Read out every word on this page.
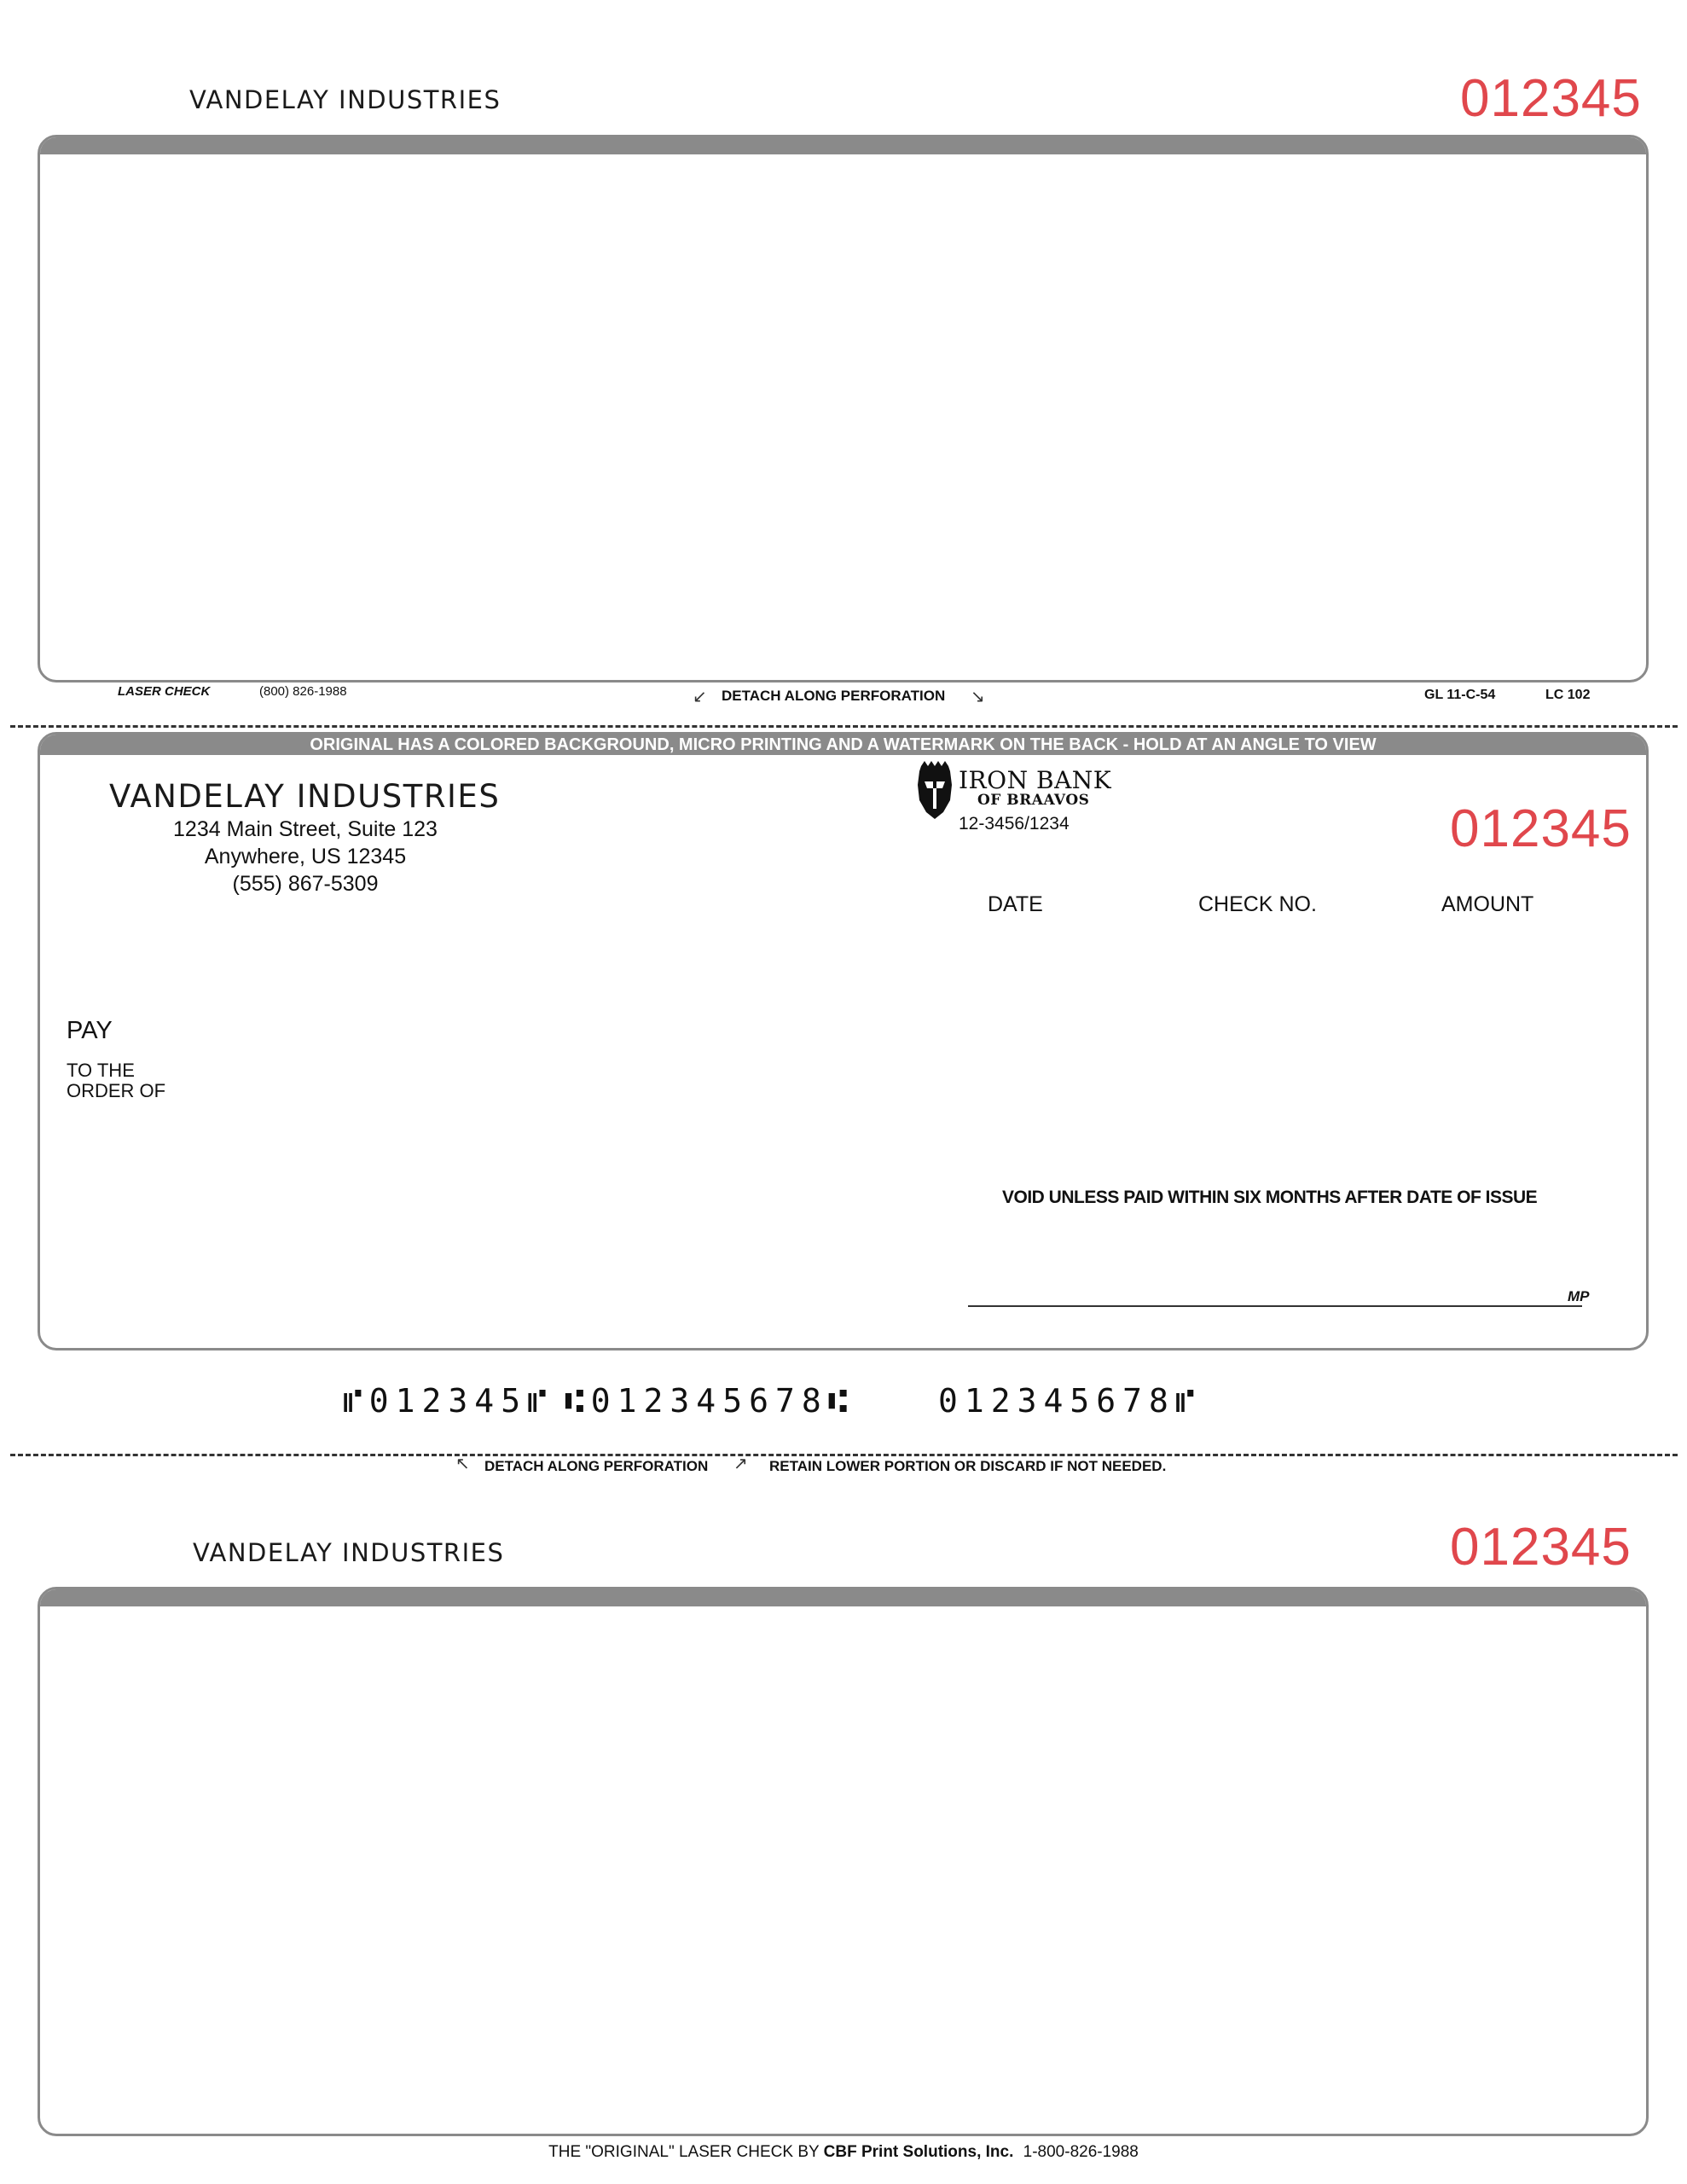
VANDELAY INDUSTRIES	012345
LASER CHECK	(800) 826-1988	↙ DETACH ALONG PERFORATION ↘	GL 11-C-54	LC 102
ORIGINAL HAS A COLORED BACKGROUND, MICRO PRINTING AND A WATERMARK ON THE BACK - HOLD AT AN ANGLE TO VIEW
VANDELAY INDUSTRIES
1234 Main Street, Suite 123
Anywhere, US 12345
(555) 867-5309
IRON BANK
OF BRAAVOS
12-3456/1234	012345
DATE	CHECK NO.	AMOUNT
PAY
TO THE
ORDER OF
VOID UNLESS PAID WITHIN SIX MONTHS AFTER DATE OF ISSUE
MP
⑈012345⑈ ⑆012345678⑆	012345678⑈
↖ DETACH ALONG PERFORATION ↗ RETAIN LOWER PORTION OR DISCARD IF NOT NEEDED.
VANDELAY INDUSTRIES	012345
THE "ORIGINAL" LASER CHECK BY CBF Print Solutions, Inc. 1-800-826-1988
